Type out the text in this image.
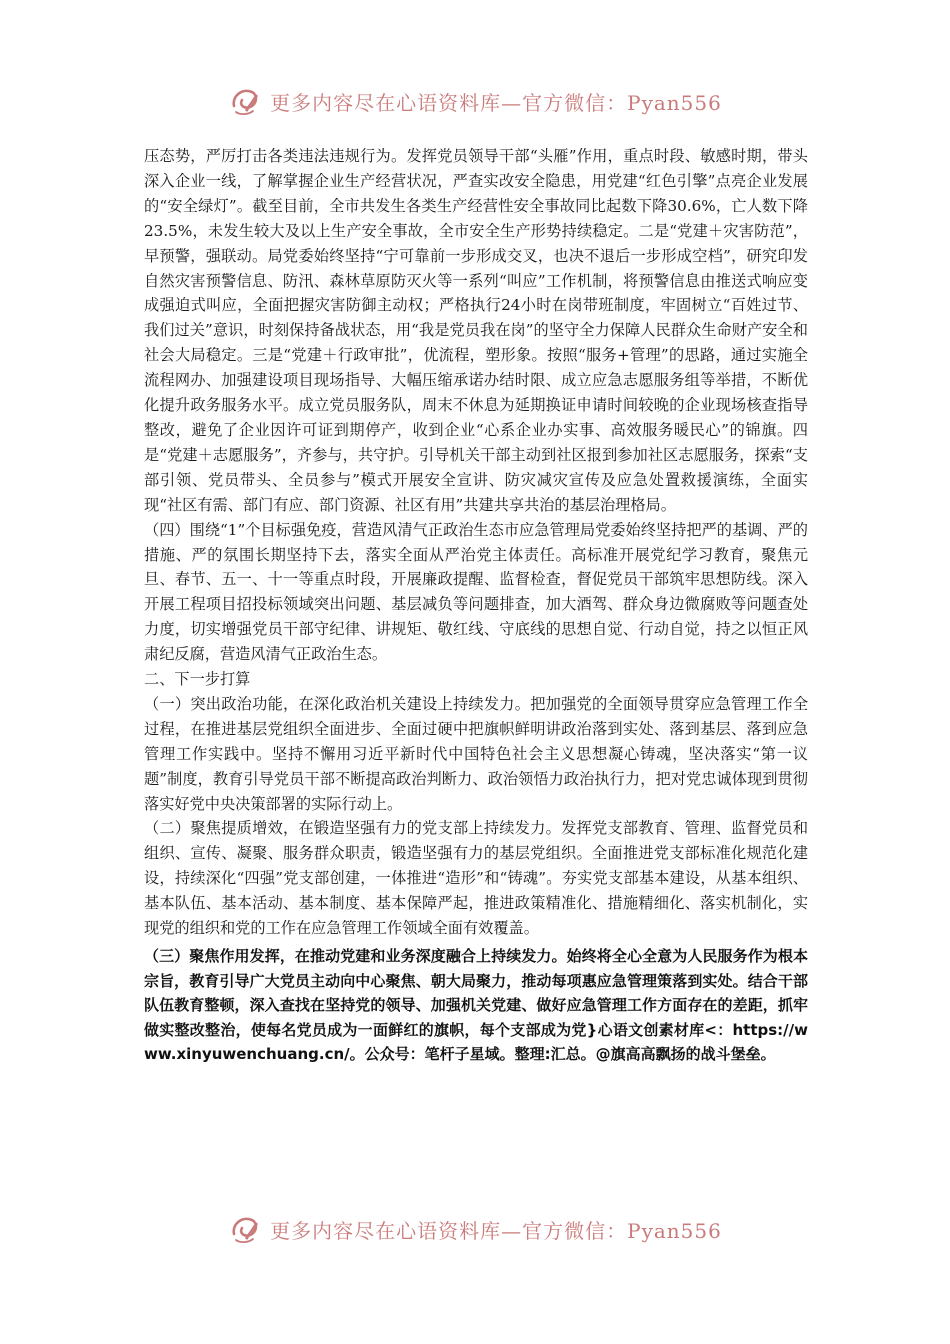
更多内容尽在心语资料库—官方微信：Pyan556

压态势，严厉打击各类违法违规行为。发挥党员领导干部“头雁”作用，重点时段、敏感时期，带头深入企业一线，了解掌握企业生产经营状况，严查实改安全隐患，用党建“红色引擎”点亮企业发展的“安全绿灯”。截至目前，全市共发生各类生产经营性安全事故同比起数下降30.6%，亡人数下降23.5%，未发生较大及以上生产安全事故，全市安全生产形势持续稳定。二是“党建＋灾害防范”，早预警，强联动。局党委始终坚持“宁可靠前一步形成交叉，也决不退后一步形成空档”，研究印发自然灾害预警信息、防汛、森林草原防灭火等一系列“叫应”工作机制，将预警信息由推送式响应变成强迫式叫应，全面把握灾害防御主动权；严格执行24小时在岗带班制度，牢固树立“百姓过节、我们过关”意识，时刻保持备战状态，用“我是党员我在岗”的坚守全力保障人民群众生命财产安全和社会大局稳定。三是“党建＋行政审批”，优流程，塑形象。按照“服务+管理”的思路，通过实施全流程网办、加强建设项目现场指导、大幅压缩承诺办结时限、成立应急志愿服务组等举措，不断优化提升政务服务水平。成立党员服务队，周末不休息为延期换证申请时间较晚的企业现场核查指导整改，避免了企业因许可证到期停产，收到企业“心系企业办实事、高效服务暖民心”的锦旗。四是“党建＋志愿服务”，齐参与，共守护。引导机关干部主动到社区报到参加社区志愿服务，探索“支部引领、党员带头、全员参与”模式开展安全宣讲、防灾减灾宣传及应急处置救援演练，全面实现“社区有需、部门有应、部门资源、社区有用”共建共享共治的基层治理格局。

（四）围绕“1”个目标强免疫，营造风清气正政治生态市应急管理局党委始终坚持把严的基调、严的措施、严的氛围长期坚持下去，落实全面从严治党主体责任。高标准开展党纪学习教育，聚焦元旦、春节、五一、十一等重点时段，开展廉政提醒、监督检查，督促党员干部筑牢思想防线。深入开展工程项目招投标领域突出问题、基层减负等问题排查，加大酒驾、群众身边微腐败等问题查处力度，切实增强党员干部守纪律、讲规矩、敬红线、守底线的思想自觉、行动自觉，持之以恒正风肃纪反腐，营造风清气正政治生态。

二、下一步打算

（一）突出政治功能，在深化政治机关建设上持续发力。把加强党的全面领导贯穿应急管理工作全过程，在推进基层党组织全面进步、全面过硬中把旗帜鲜明讲政治落到实处、落到基层、落到应急管理工作实践中。坚持不懈用习近平新时代中国特色社会主义思想凝心铸魂，坚决落实“第一议题”制度，教育引导党员干部不断提高政治判断力、政治领悟力政治执行力，把对党忠诚体现到贯彻落实好党中央决策部署的实际行动上。

（二）聚焦提质增效，在锻造坚强有力的党支部上持续发力。发挥党支部教育、管理、监督党员和组织、宣传、凝聚、服务群众职责，锻造坚强有力的基层党组织。全面推进党支部标准化规范化建设，持续深化“四强”党支部创建，一体推进“造形”和“铸魂”。夯实党支部基本建设，从基本组织、基本队伍、基本活动、基本制度、基本保障严起，推进政策精准化、措施精细化、落实机制化，实现党的组织和党的工作在应急管理工作领域全面有效覆盖。

（三）聚焦作用发挥，在推动党建和业务深度融合上持续发力。始终将全心全意为人民服务作为根本宗旨，教育引导广大党员主动向中心聚焦、朝大局聚力，推动每项惠应急管理策落到实处。结合干部队伍教育整顿，深入查找在坚持党的领导、加强机关党建、做好应急管理工作方面存在的差距，抓牢做实整改整治，使每名党员成为一面鲜红的旗帜，每个支部成为党}心语文创素材库<：https://www.xinyuwenchuang.cn/。公众号：笔杆子星域。整理:汇总。@旗高高飘扬的战斗堡垒。

更多内容尽在心语资料库—官方微信：Pyan556
